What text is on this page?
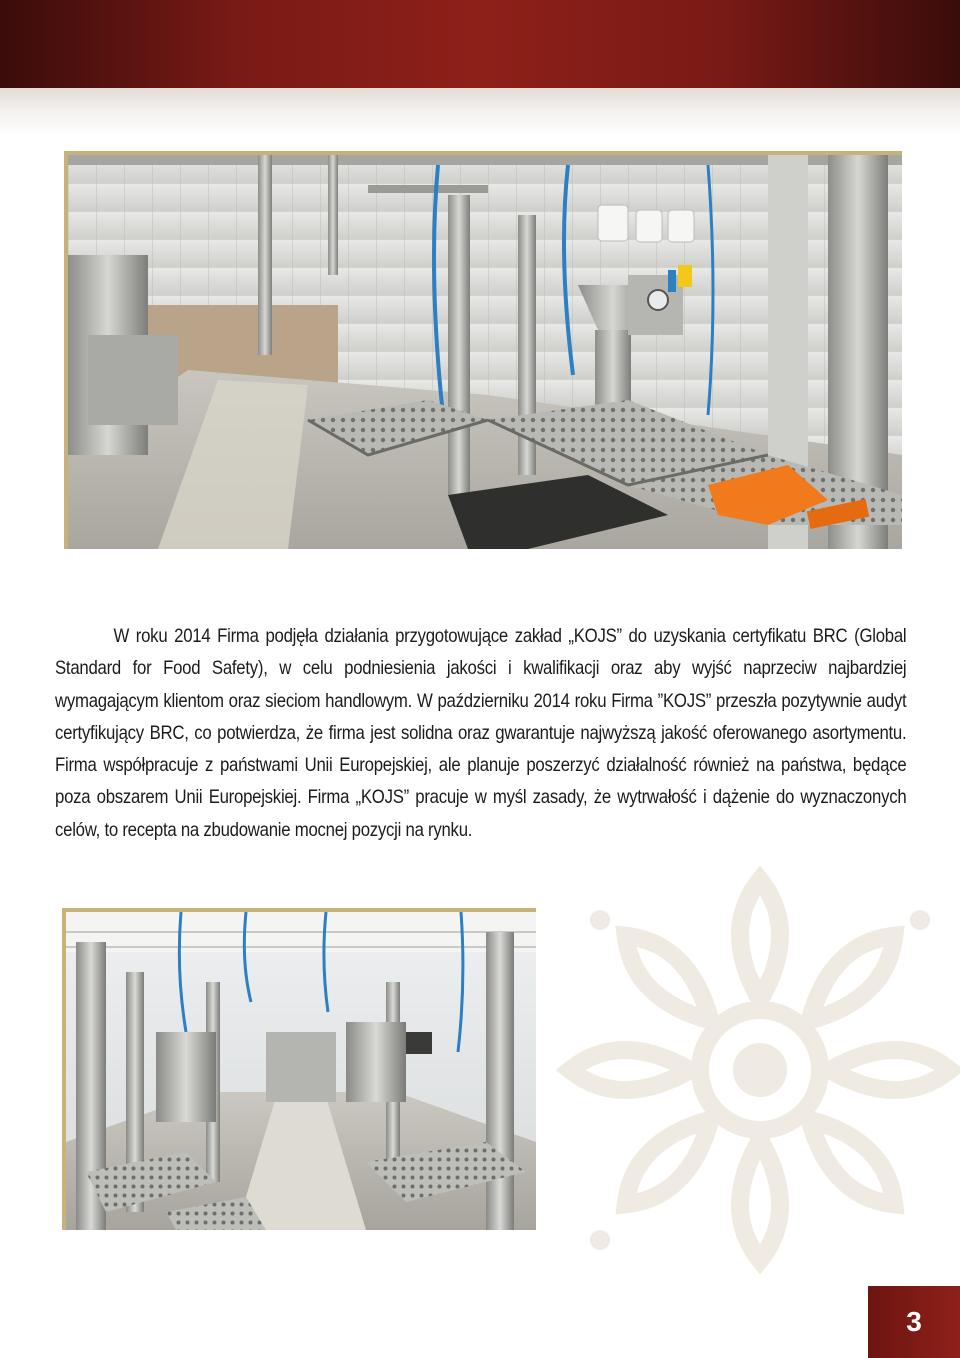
W roku 2014 Firma podjęła działania przygotowujące zakład „KOJS” do uzyskania certyfikatu BRC (Global Standard for Food Safety), w celu podniesienia jakości i kwalifikacji oraz aby wyjść naprzeciw najbardziej wymagającym klientom oraz sieciom handlowym. W październiku 2014 roku Firma ”KOJS” przeszła pozytywnie audyt certyfikujący BRC, co potwierdza, że firma jest solidna oraz gwarantuje najwyższą jakość oferowanego asortymentu. Firma współpracuje z państwami Unii Europejskiej, ale planuje poszerzyć działalność również na państwa, będące poza obszarem Unii Europejskiej. Firma „KOJS” pracuje w myśl zasady, że wytrwałość i dążenie do wyznaczonych celów, to recepta na zbudowanie mocnej pozycji na rynku.

3
